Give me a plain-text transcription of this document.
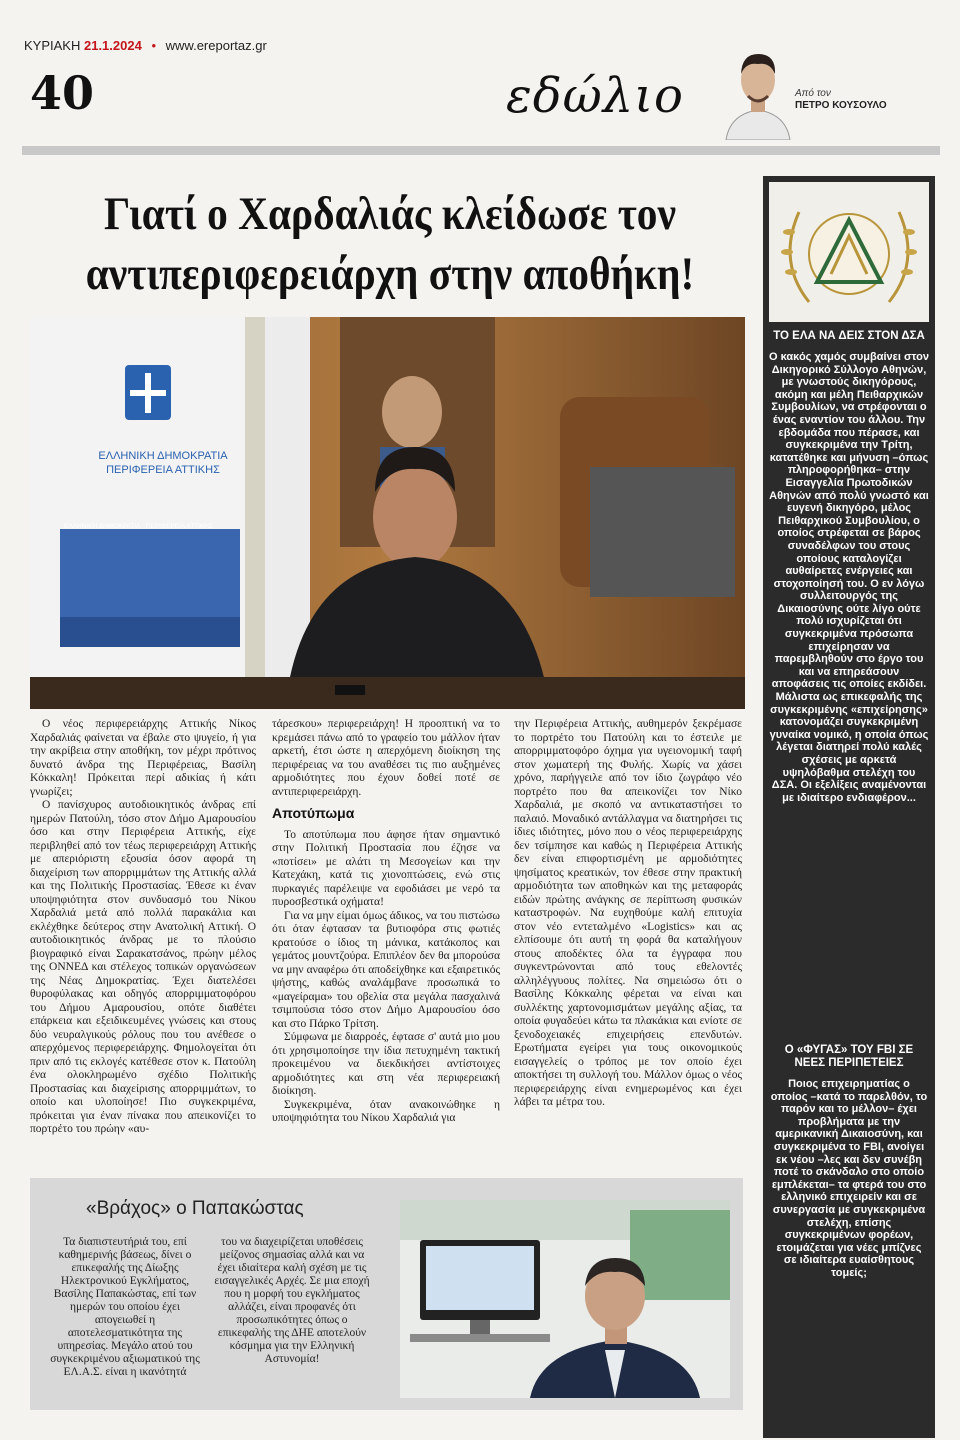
ΚΥΡΙΑΚΗ 21.1.2024 • www.ereportaz.gr
40	εδώλιο	Από τον
ΠΕΤΡΟ ΚΟΥΣΟΥΛΟ
Γιατί ο Χαρδαλιάς κλείδωσε τον
αντιπεριφερειάρχη στην αποθήκη!
ΕΛΛΗΝΙΚΗ ΔΗΜΟΚΡΑΤΙΑ
ΠΕΡΙΦΕΡΕΙΑ ΑΤΤΙΚΗΣ
ΕΛΛΗΝΙΚΗ ΔΗΜΟΚΡΑΤΙΑ · ΠΕΡΙΦΕΡΕΙΑ ΑΤΤΙΚΗΣ

Ο νέος περιφερειάρχης Αττικής Νίκος Χαρδαλιάς φαίνεται να έβαλε στο ψυγείο, ή για την ακρίβεια στην αποθήκη, τον μέχρι πρότινος δυνατό άνδρα της Περιφέρειας, Βασίλη Κόκκαλη! Πρόκειται περί αδικίας ή κάτι γνωρίζει;

Ο πανίσχυρος αυτοδιοικητικός άνδρας επί ημερών Πατούλη, τόσο στον Δήμο Αμαρουσίου όσο και στην Περιφέρεια Αττικής, είχε περιβληθεί από τον τέως περιφερειάρχη Αττικής με απεριόριστη εξουσία όσον αφορά τη διαχείριση των απορριμμάτων της Αττικής αλλά και της Πολιτικής Προστασίας. Έθεσε κι έναν υποψηφιότητα στον συνδυασμό του Νίκου Χαρδαλιά μετά από πολλά παρακάλια και εκλέχθηκε δεύτερος στην Ανατολική Αττική. Ο αυτοδιοικητικός άνδρας με το πλούσιο βιογραφικό είναι Σαρακατσάνος, πρώην μέλος της ΟΝΝΕΔ και στέλεχος τοπικών οργανώσεων της Νέας Δημοκρατίας. Έχει διατελέσει θυροφύλακας και οδηγός απορριμματοφόρου του Δήμου Αμαρουσίου, οπότε διαθέτει επάρκεια και εξειδικευμένες γνώσεις και στους δύο νευραλγικούς ρόλους που του ανέθεσε ο απερχόμενος περιφερειάρχης. Φημολογείται ότι πριν από τις εκλογές κατέθεσε στον κ. Πατούλη ένα ολοκληρωμένο σχέδιο Πολιτικής Προστασίας και διαχείρισης απορριμμάτων, το οποίο και υλοποίησε! Πιο συγκεκριμένα, πρόκειται για έναν πίνακα που απεικονίζει το πορτρέτο του πρώην «αυ-

τάρεσκου» περιφερειάρχη! Η προοπτική να το κρεμάσει πάνω από το γραφείο του μάλλον ήταν αρκετή, έτσι ώστε η απερχόμενη διοίκηση της περιφέρειας να του αναθέσει τις πιο αυξημένες αρμοδιότητες που έχουν δοθεί ποτέ σε αντιπεριφερειάρχη.

Αποτύπωμα

Το αποτύπωμα που άφησε ήταν σημαντικό στην Πολιτική Προστασία που έζησε να «ποτίσει» με αλάτι τη Μεσογείων και την Κατεχάκη, κατά τις χιονοπτώσεις, ενώ στις πυρκαγιές παρέλειψε να εφοδιάσει με νερό τα πυροσβεστικά οχήματα!

Για να μην είμαι όμως άδικος, να του πιστώσω ότι όταν έφτασαν τα βυτιοφόρα στις φωτιές κρατούσε ο ίδιος τη μάνικα, κατάκοπος και γεμάτος μουντζούρα. Επιπλέον δεν θα μπορούσα να μην αναφέρω ότι αποδείχθηκε και εξαιρετικός ψήστης, καθώς αναλάμβανε προσωπικά το «μαγείραμα» του οβελία στα μεγάλα πασχαλινά τσιμπούσια τόσο στον Δήμο Αμαρουσίου όσο και στο Πάρκο Τρίτση.

Σύμφωνα με διαρροές, έφτασε σ' αυτά μιο μου ότι χρησιμοποίησε την ίδια πετυχημένη τακτική προκειμένου να διεκδικήσει αντίστοιχες αρμοδιότητες και στη νέα περιφερειακή διοίκηση.

Συγκεκριμένα, όταν ανακοινώθηκε η υποψηφιότητα του Νίκου Χαρδαλιά για

την Περιφέρεια Αττικής, αυθημερόν ξεκρέμασε το πορτρέτο του Πατούλη και το έστειλε με απορριμματοφόρο όχημα για υγειονομική ταφή στον χωματερή της Φυλής. Χωρίς να χάσει χρόνο, παρήγγειλε από τον ίδιο ζωγράφο νέο πορτρέτο που θα απεικονίζει τον Νίκο Χαρδαλιά, με σκοπό να αντικαταστήσει το παλαιό. Μοναδικό αντάλλαγμα να διατηρήσει τις ίδιες ιδιότητες, μόνο που ο νέος περιφερειάρχης δεν τσίμπησε και καθώς η Περιφέρεια Αττικής δεν είναι επιφορτισμένη με αρμοδιότητες ψησίματος κρεατικών, τον έθεσε στην πρακτική αρμοδιότητα των αποθηκών και της μεταφοράς ειδών πρώτης ανάγκης σε περίπτωση φυσικών καταστροφών. Να ευχηθούμε καλή επιτυχία στον νέο εντεταλμένο «Logistics» και ας ελπίσουμε ότι αυτή τη φορά θα καταλήγουν στους αποδέκτες όλα τα έγγραφα που συγκεντρώνονται από τους εθελοντές αλληλέγγυους πολίτες. Να σημειώσω ότι ο Βασίλης Κόκκαλης φέρεται να είναι και συλλέκτης χαρτονομισμάτων μεγάλης αξίας, τα οποία φυγαδεύει κάτω τα πλακάκια και ενίοτε σε ξενοδοχειακές επιχειρήσεις επενδυτών. Ερωτήματα εγείρει για τους οικονομικούς εισαγγελείς ο τρόπος με τον οποίο έχει αποκτήσει τη συλλογή του. Μάλλον όμως ο νέος περιφερειάρχης είναι ενημερωμένος και έχει λάβει τα μέτρα του.

ΤΟ ΕΛΑ ΝΑ ΔΕΙΣ ΣΤΟΝ ΔΣΑ
Ο κακός χαμός συμβαίνει στον Δικηγορικό Σύλλογο Αθηνών, με γνωστούς δικηγόρους, ακόμη και μέλη Πειθαρχικών Συμβουλίων, να στρέφονται ο ένας εναντίον του άλλου. Την εβδομάδα που πέρασε, και συγκεκριμένα την Τρίτη, κατατέθηκε και μήνυση –όπως πληροφορήθηκα– στην Εισαγγελία Πρωτοδικών Αθηνών από πολύ γνωστό και ευγενή δικηγόρο, μέλος Πειθαρχικού Συμβουλίου, ο οποίος στρέφεται σε βάρος συναδέλφων του στους οποίους καταλογίζει αυθαίρετες ενέργειες και στοχοποίησή του. Ο εν λόγω συλλειτουργός της Δικαιοσύνης ούτε λίγο ούτε πολύ ισχυρίζεται ότι συγκεκριμένα πρόσωπα επιχείρησαν να παρεμβληθούν στο έργο του και να επηρεάσουν αποφάσεις τις οποίες εκδίδει. Μάλιστα ως επικεφαλής της συγκεκριμένης «επιχείρησης» κατονομάζει συγκεκριμένη γυναίκα νομικό, η οποία όπως λέγεται διατηρεί πολύ καλές σχέσεις με αρκετά υψηλόβαθμα στελέχη του ΔΣΑ. Οι εξελίξεις αναμένονται με ιδιαίτερο ενδιαφέρον...
Ο «ΦΥΓΑΣ» ΤΟΥ FBI ΣΕ ΝΕΕΣ ΠΕΡΙΠΕΤΕΙΕΣ
Ποιος επιχειρηματίας ο οποίος –κατά το παρελθόν, το παρόν και το μέλλον– έχει προβλήματα με την αμερικανική Δικαιοσύνη, και συγκεκριμένα το FBI, ανοίγει εκ νέου –λες και δεν συνέβη ποτέ το σκάνδαλο στο οποίο εμπλέκεται– τα φτερά του στο ελληνικό επιχειρείν και σε συνεργασία με συγκεκριμένα στελέχη, επίσης συγκεκριμένων φορέων, ετοιμάζεται για νέες μπίζνες σε ιδιαίτερα ευαίσθητους τομείς;
«Βράχος» ο Παπακώστας
Τα διαπιστευτήριά του, επί καθημερινής βάσεως, δίνει ο επικεφαλής της Δίωξης Ηλεκτρονικού Εγκλήματος, Βασίλης Παπακώστας, επί των ημερών του οποίου έχει απογειωθεί η αποτελεσματικότητα της υπηρεσίας. Μεγάλο ατού του συγκεκριμένου αξιωματικού της ΕΛ.Α.Σ. είναι η ικανότητά
του να διαχειρίζεται υποθέσεις μείζονος σημασίας αλλά και να έχει ιδιαίτερα καλή σχέση με τις εισαγγελικές Αρχές. Σε μια εποχή που η μορφή του εγκλήματος αλλάζει, είναι προφανές ότι προσωπικότητες όπως ο επικεφαλής της ΔΗΕ αποτελούν κόσμημα για την Ελληνική Αστυνομία!
